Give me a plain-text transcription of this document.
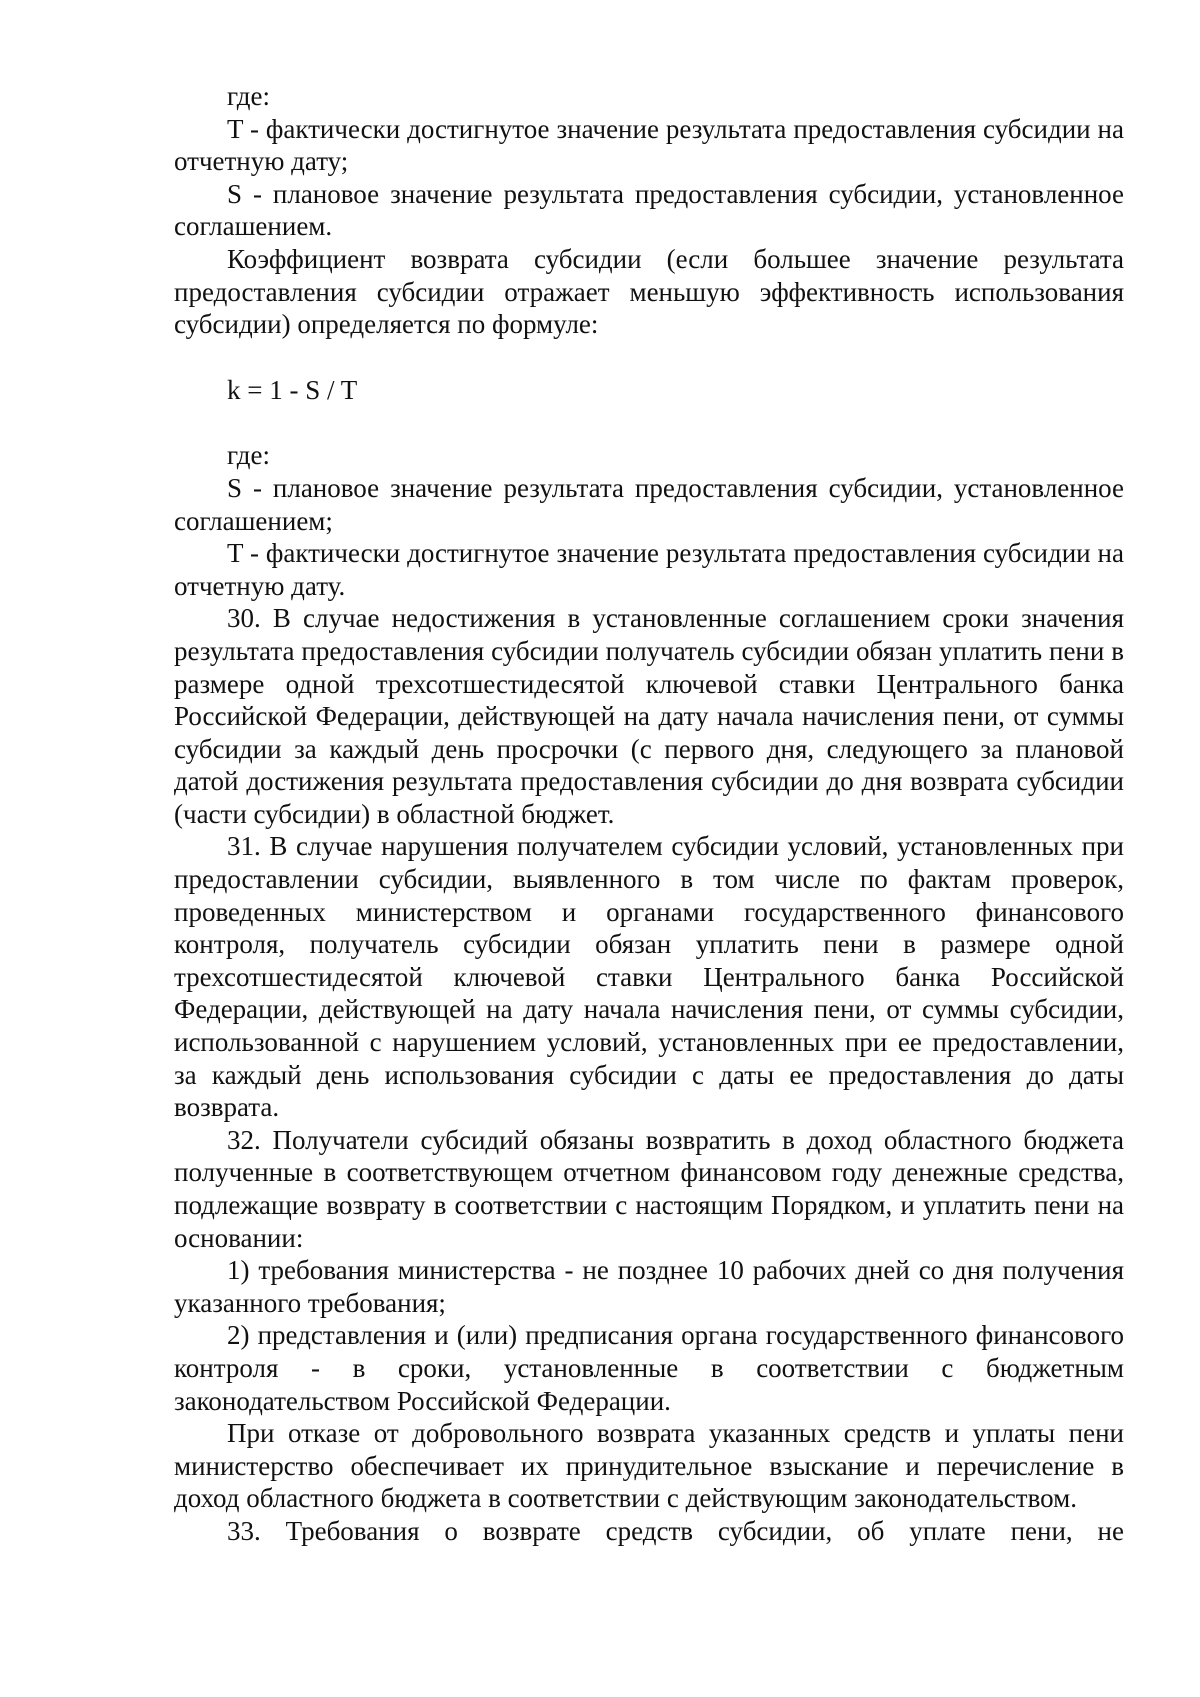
где:

T - фактически достигнутое значение результата предоставления субсидии на отчетную дату;

S - плановое значение результата предоставления субсидии, установленное соглашением.

Коэффициент возврата субсидии (если большее значение результата предоставления субсидии отражает меньшую эффективность использования субсидии) определяется по формуле:

k = 1 - S / T

где:

S - плановое значение результата предоставления субсидии, установленное соглашением;

T - фактически достигнутое значение результата предоставления субсидии на отчетную дату.

30. В случае недостижения в установленные соглашением сроки значения результата предоставления субсидии получатель субсидии обязан уплатить пени в размере одной трехсотшестидесятой ключевой ставки Центрального банка Российской Федерации, действующей на дату начала начисления пени, от суммы субсидии за каждый день просрочки (с первого дня, следующего за плановой датой достижения результата предоставления субсидии до дня возврата субсидии (части субсидии) в областной бюджет.

31. В случае нарушения получателем субсидии условий, установленных при предоставлении субсидии, выявленного в том числе по фактам проверок, проведенных министерством и органами государственного финансового контроля, получатель субсидии обязан уплатить пени в размере одной трехсотшестидесятой ключевой ставки Центрального банка Российской Федерации, действующей на дату начала начисления пени, от суммы субсидии, использованной с нарушением условий, установленных при ее предоставлении, за каждый день использования субсидии с даты ее предоставления до даты возврата.

32. Получатели субсидий обязаны возвратить в доход областного бюджета полученные в соответствующем отчетном финансовом году денежные средства, подлежащие возврату в соответствии с настоящим Порядком, и уплатить пени на основании:

1) требования министерства - не позднее 10 рабочих дней со дня получения указанного требования;

2) представления и (или) предписания органа государственного финансового контроля - в сроки, установленные в соответствии с бюджетным законодательством Российской Федерации.

При отказе от добровольного возврата указанных средств и уплаты пени министерство обеспечивает их принудительное взыскание и перечисление в доход областного бюджета в соответствии с действующим законодательством.

33. Требования о возврате средств субсидии, об уплате пени, не
